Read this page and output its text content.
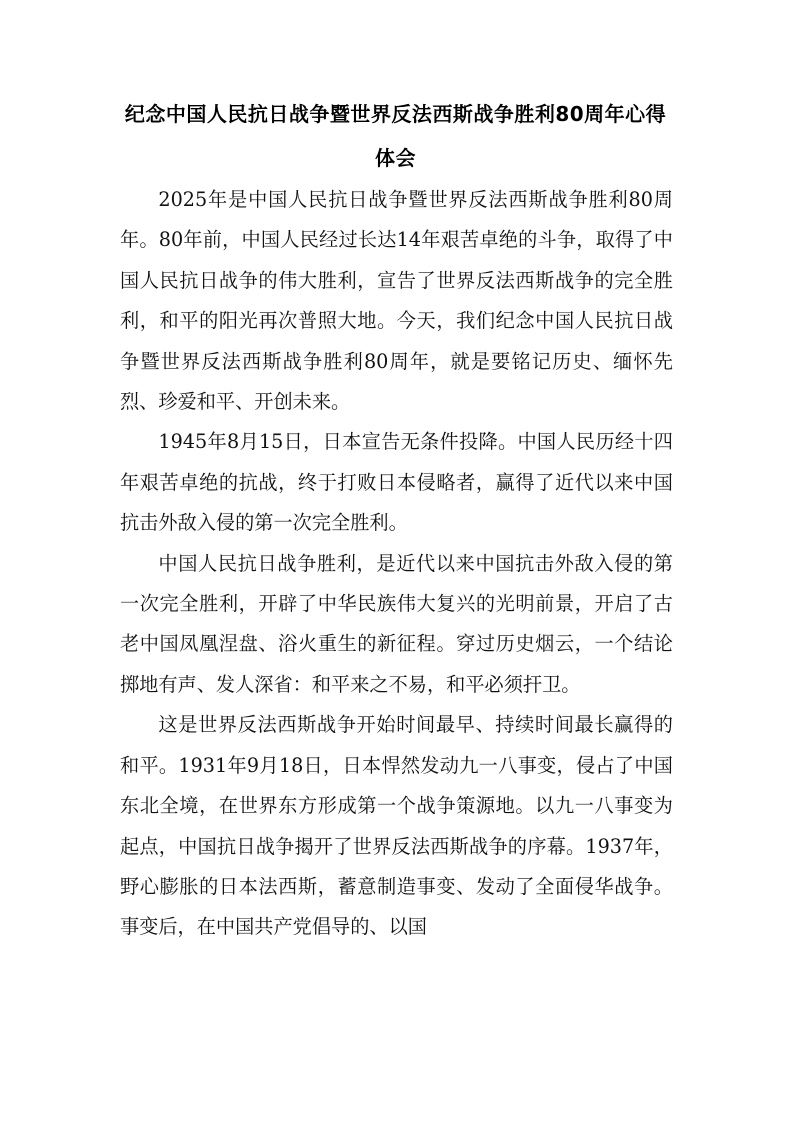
纪念中国人民抗日战争暨世界反法西斯战争胜利80周年心得体会

2025年是中国人民抗日战争暨世界反法西斯战争胜利80周年。80年前，中国人民经过长达14年艰苦卓绝的斗争，取得了中国人民抗日战争的伟大胜利，宣告了世界反法西斯战争的完全胜利，和平的阳光再次普照大地。今天，我们纪念中国人民抗日战争暨世界反法西斯战争胜利80周年，就是要铭记历史、缅怀先烈、珍爱和平、开创未来。

1945年8月15日，日本宣告无条件投降。中国人民历经十四年艰苦卓绝的抗战，终于打败日本侵略者，赢得了近代以来中国抗击外敌入侵的第一次完全胜利。

中国人民抗日战争胜利，是近代以来中国抗击外敌入侵的第一次完全胜利，开辟了中华民族伟大复兴的光明前景，开启了古老中国凤凰涅盘、浴火重生的新征程。穿过历史烟云，一个结论掷地有声、发人深省：和平来之不易，和平必须扞卫。

这是世界反法西斯战争开始时间最早、持续时间最长赢得的和平。1931年9月18日，日本悍然发动九一八事变，侵占了中国东北全境，在世界东方形成第一个战争策源地。以九一八事变为起点，中国抗日战争揭开了世界反法西斯战争的序幕。1937年，野心膨胀的日本法西斯，蓄意制造事变、发动了全面侵华战争。事变后，在中国共产党倡导的、以国
